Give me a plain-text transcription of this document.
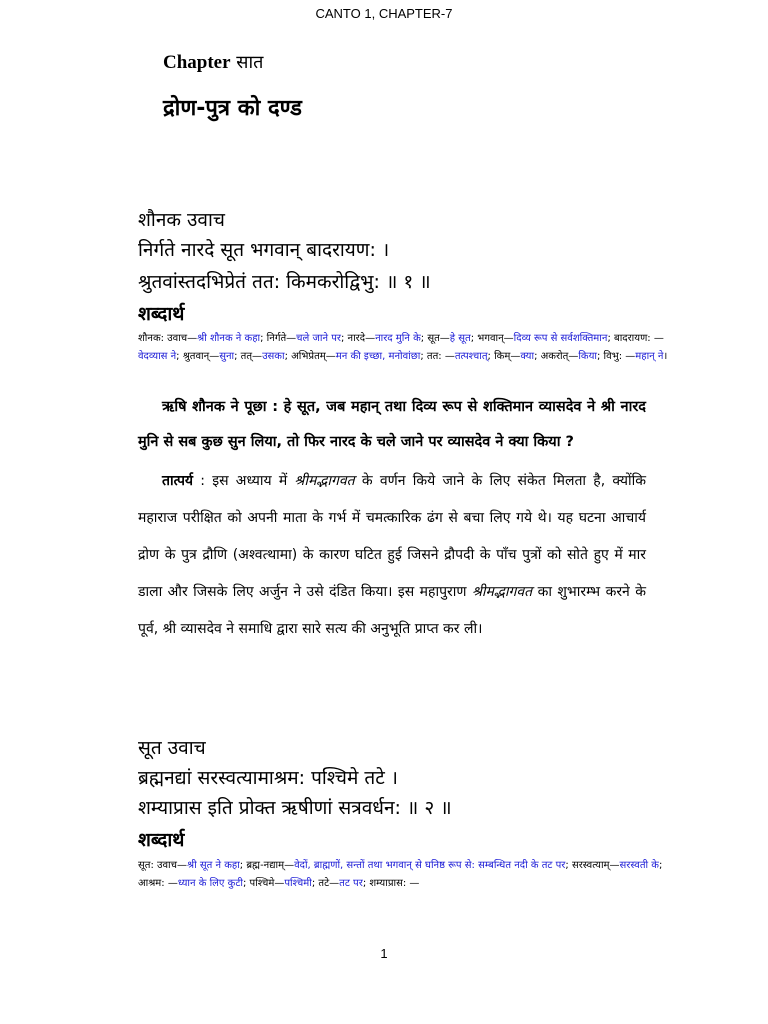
CANTO 1, CHAPTER-7
Chapter सात
द्रोण-पुत्र को दण्ड
शौनक उवाच
निर्गते नारदे सूत भगवान् बादरायण: ।
श्रुतवांस्तदभिप्रेतं तत: किमकरोद्विभु: ॥ १ ॥
शब्दार्थ
शौनक: उवाच—श्री शौनक ने कहा; निर्गते—चले जाने पर; नारदे—नारद मुनि के; सूत—हे सूत; भगवान्—दिव्य रूप से सर्वशक्तिमान; बादरायण: —वेदव्यास ने; श्रुतवान्—सुना; तत्—उसका; अभिप्रेतम्—मन की इच्छा, मनोवांछा; तत: —तत्पश्चात्; किम्—क्या; अकरोत्—किया; विभु: —महान् ने।
ऋषि शौनक ने पूछा : हे सूत, जब महान् तथा दिव्य रूप से शक्तिमान व्यासदेव ने श्री नारद मुनि से सब कुछ सुन लिया, तो फिर नारद के चले जाने पर व्यासदेव ने क्या किया ?
तात्पर्य : इस अध्याय में श्रीमद्भागवत के वर्णन किये जाने के लिए संकेत मिलता है, क्योंकि महाराज परीक्षित को अपनी माता के गर्भ में चमत्कारिक ढंग से बचा लिए गये थे। यह घटना आचार्य द्रोण के पुत्र द्रौणि (अश्वत्थामा) के कारण घटित हुई जिसने द्रौपदी के पाँच पुत्रों को सोते हुए में मार डाला और जिसके लिए अर्जुन ने उसे दंडित किया। इस महापुराण श्रीमद्भागवत का शुभारम्भ करने के पूर्व, श्री व्यासदेव ने समाधि द्वारा सारे सत्य की अनुभूति प्राप्त कर ली।
सूत उवाच
ब्रह्मनद्यां सरस्वत्यामाश्रम: पश्चिमे तटे ।
शम्याप्रास इति प्रोक्त ऋषीणां सत्रवर्धन: ॥ २ ॥
शब्दार्थ
सूत: उवाच—श्री सूत ने कहा; ब्रह्म-नद्याम्—वेदों, ब्राह्मणों, सन्तों तथा भगवान् से घनिष्ठ रूप से: सम्बन्धित नदी के तट पर; सरस्वत्याम्—सरस्वती के; आश्रम: —ध्यान के लिए कुटी; पश्चिमे—पश्चिमी; तटे—तट पर; शम्याप्रास: —
1
